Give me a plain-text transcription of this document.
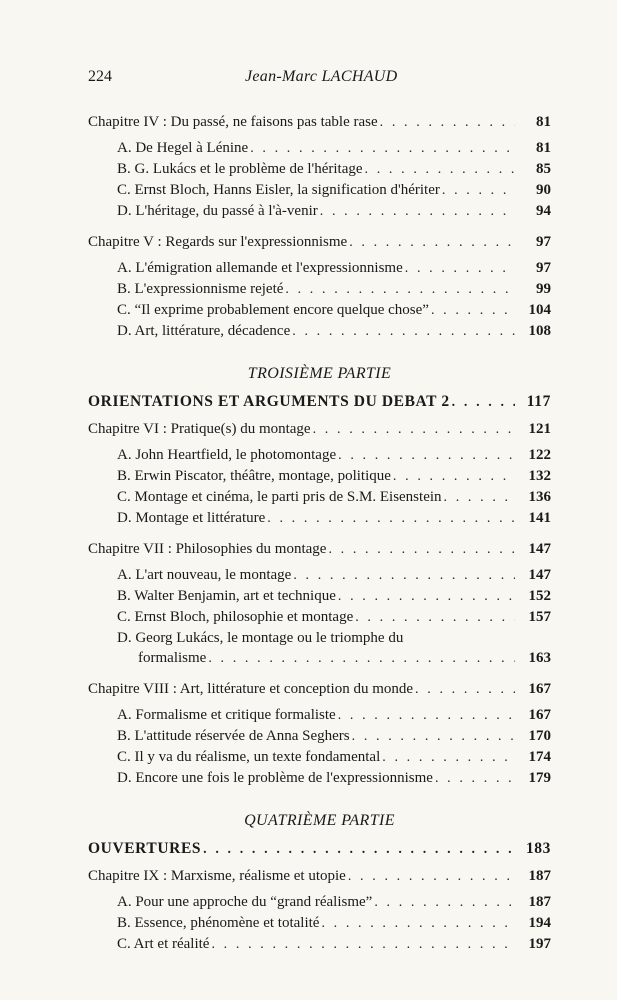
224	Jean-Marc LACHAUD
Chapitre IV : Du passé, ne faisons pas table rase . . .	81
A. De Hegel à Lénine . . .	81
B. G. Lukács et le problème de l'héritage . . .	85
C. Ernst Bloch, Hanns Eisler, la signification d'hériter . . .	90
D. L'héritage, du passé à l'à-venir . . .	94
Chapitre V : Regards sur l'expressionnisme . . .	97
A. L'émigration allemande et l'expressionnisme . . .	97
B. L'expressionnisme rejeté . . .	99
C. “Il exprime probablement encore quelque chose” . . .	104
D. Art, littérature, décadence . . .	108
TROISIÈME PARTIE
ORIENTATIONS ET ARGUMENTS DU DEBAT 2 . . .	117
Chapitre VI : Pratique(s) du montage . . .	121
A. John Heartfield, le photomontage . . .	122
B. Erwin Piscator, théâtre, montage, politique . . .	132
C. Montage et cinéma, le parti pris de S.M. Eisenstein . . .	136
D. Montage et littérature . . .	141
Chapitre VII : Philosophies du montage . . .	147
A. L'art nouveau, le montage . . .	147
B. Walter Benjamin, art et technique . . .	152
C. Ernst Bloch, philosophie et montage . . .	157
D. Georg Lukács, le montage ou le triomphe du
formalisme . . .	163
Chapitre VIII : Art, littérature et conception du monde . . .	167
A. Formalisme et critique formaliste . . .	167
B. L'attitude réservée de Anna Seghers . . .	170
C. Il y va du réalisme, un texte fondamental . . .	174
D. Encore une fois le problème de l'expressionnisme . . .	179
QUATRIÈME PARTIE
OUVERTURES . . .	183
Chapitre IX : Marxisme, réalisme et utopie . . .	187
A. Pour une approche du “grand réalisme” . . .	187
B. Essence, phénomène et totalité . . .	194
C. Art et réalité . . .	197
